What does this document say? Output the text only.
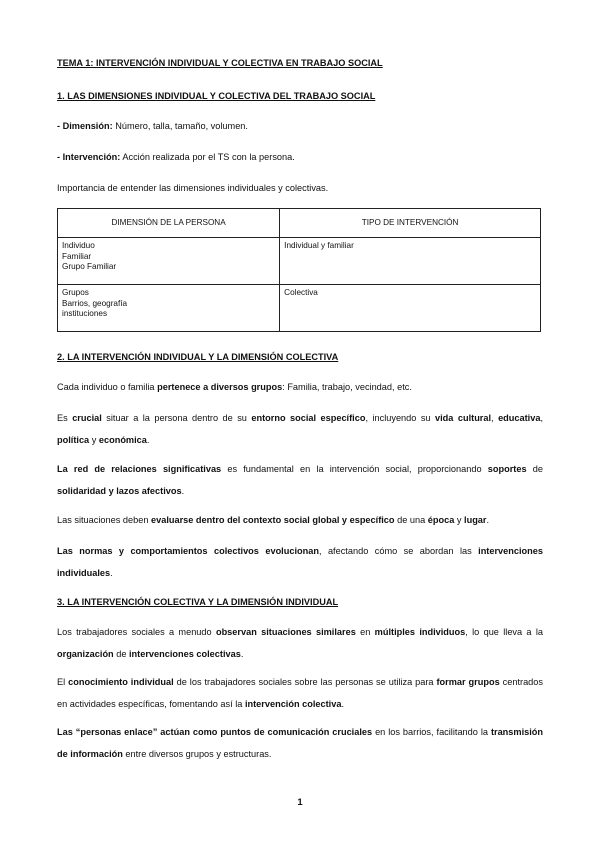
TEMA 1: INTERVENCIÓN INDIVIDUAL Y COLECTIVA EN TRABAJO SOCIAL

1. LAS DIMENSIONES INDIVIDUAL Y COLECTIVA DEL TRABAJO SOCIAL

- Dimensión: Número, talla, tamaño, volumen.

- Intervención: Acción realizada por el TS con la persona.

Importancia de entender las dimensiones individuales y colectivas.

DIMENSIÓN DE LA PERSONA	TIPO DE INTERVENCIÓN

Individuo
Familiar
Grupo Familiar	Individual y familiar

Grupos
Barrios, geografía
instituciones	Colectiva

2. LA INTERVENCIÓN INDIVIDUAL Y LA DIMENSIÓN COLECTIVA

Cada individuo o familia pertenece a diversos grupos: Familia, trabajo, vecindad, etc.

Es crucial situar a la persona dentro de su entorno social específico, incluyendo su vida cultural, educativa, política y económica.

La red de relaciones significativas es fundamental en la intervención social, proporcionando soportes de solidaridad y lazos afectivos.

Las situaciones deben evaluarse dentro del contexto social global y específico de una época y lugar.

Las normas y comportamientos colectivos evolucionan, afectando cómo se abordan las intervenciones individuales.

3. LA INTERVENCIÓN COLECTIVA Y LA DIMENSIÓN INDIVIDUAL

Los trabajadores sociales a menudo observan situaciones similares en múltiples individuos, lo que lleva a la organización de intervenciones colectivas.

El conocimiento individual de los trabajadores sociales sobre las personas se utiliza para formar grupos centrados en actividades específicas, fomentando así la intervención colectiva.

Las “personas enlace” actúan como puntos de comunicación cruciales en los barrios, facilitando la transmisión de información entre diversos grupos y estructuras.

1
